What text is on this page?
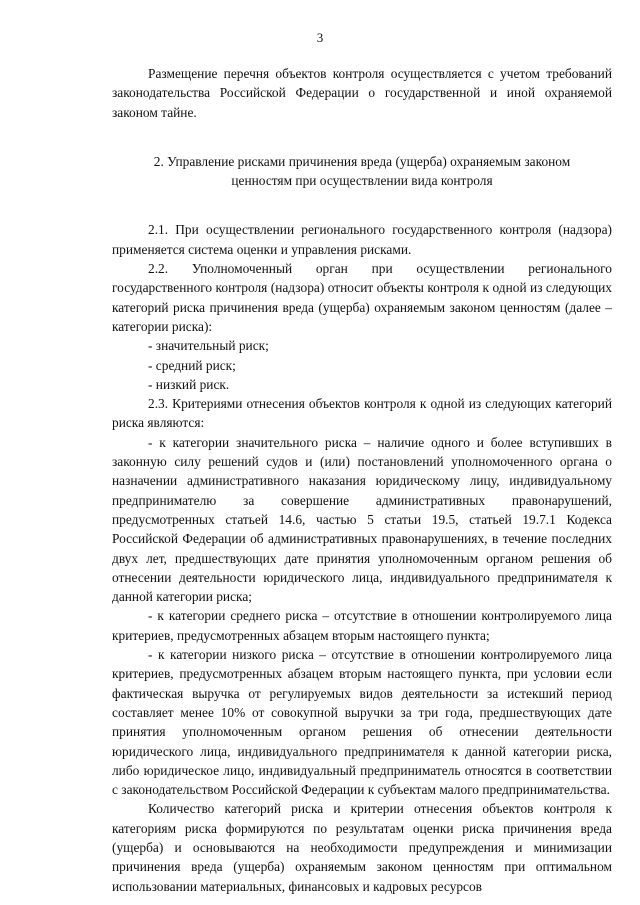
3

Размещение перечня объектов контроля осуществляется с учетом требований законодательства Российской Федерации о государственной и иной охраняемой законом тайне.

2. Управление рисками причинения вреда (ущерба) охраняемым законом ценностям при осуществлении вида контроля

2.1. При осуществлении регионального государственного контроля (надзора) применяется система оценки и управления рисками.

2.2. Уполномоченный орган при осуществлении регионального государственного контроля (надзора) относит объекты контроля к одной из следующих категорий риска причинения вреда (ущерба) охраняемым законом ценностям (далее – категории риска):

- значительный риск;

- средний риск;

- низкий риск.

2.3. Критериями отнесения объектов контроля к одной из следующих категорий риска являются:

- к категории значительного риска – наличие одного и более вступивших в законную силу решений судов и (или) постановлений уполномоченного органа о назначении административного наказания юридическому лицу, индивидуальному предпринимателю за совершение административных правонарушений, предусмотренных статьей 14.6, частью 5 статьи 19.5, статьей 19.7.1 Кодекса Российской Федерации об административных правонарушениях, в течение последних двух лет, предшествующих дате принятия уполномоченным органом решения об отнесении деятельности юридического лица, индивидуального предпринимателя к данной категории риска;

- к категории среднего риска – отсутствие в отношении контролируемого лица критериев, предусмотренных абзацем вторым настоящего пункта;

- к категории низкого риска – отсутствие в отношении контролируемого лица критериев, предусмотренных абзацем вторым настоящего пункта, при условии если фактическая выручка от регулируемых видов деятельности за истекший период составляет менее 10% от совокупной выручки за три года, предшествующих дате принятия уполномоченным органом решения об отнесении деятельности юридического лица, индивидуального предпринимателя к данной категории риска, либо юридическое лицо, индивидуальный предприниматель относятся в соответствии с законодательством Российской Федерации к субъектам малого предпринимательства.

Количество категорий риска и критерии отнесения объектов контроля к категориям риска формируются по результатам оценки риска причинения вреда (ущерба) и основываются на необходимости предупреждения и минимизации причинения вреда (ущерба) охраняемым законом ценностям при оптимальном использовании материальных, финансовых и кадровых ресурсов
